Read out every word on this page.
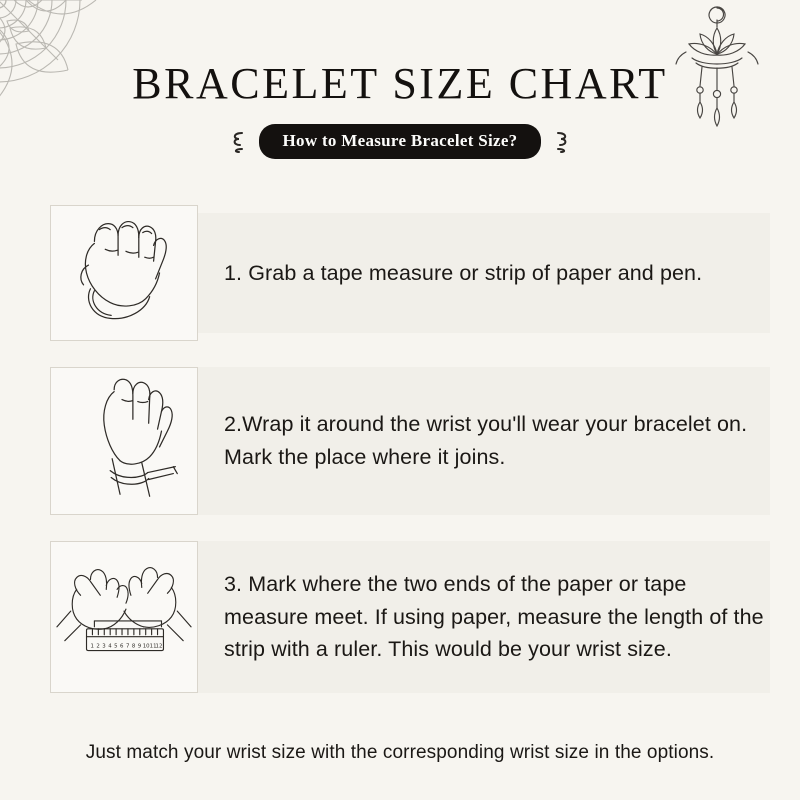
BRACELET SIZE CHART
How to Measure Bracelet Size?
1. Grab a tape measure or strip of paper and pen.
2.Wrap it around the wrist you'll wear your bracelet on. Mark the place where it joins.
1 2 3 4 5 6 7 8 9 10 11 12
3. Mark where the two ends of the paper or tape measure meet. If using paper, measure the length of the strip with a ruler. This would be your wrist size.
Just match your wrist size with the corresponding wrist size in the options.
